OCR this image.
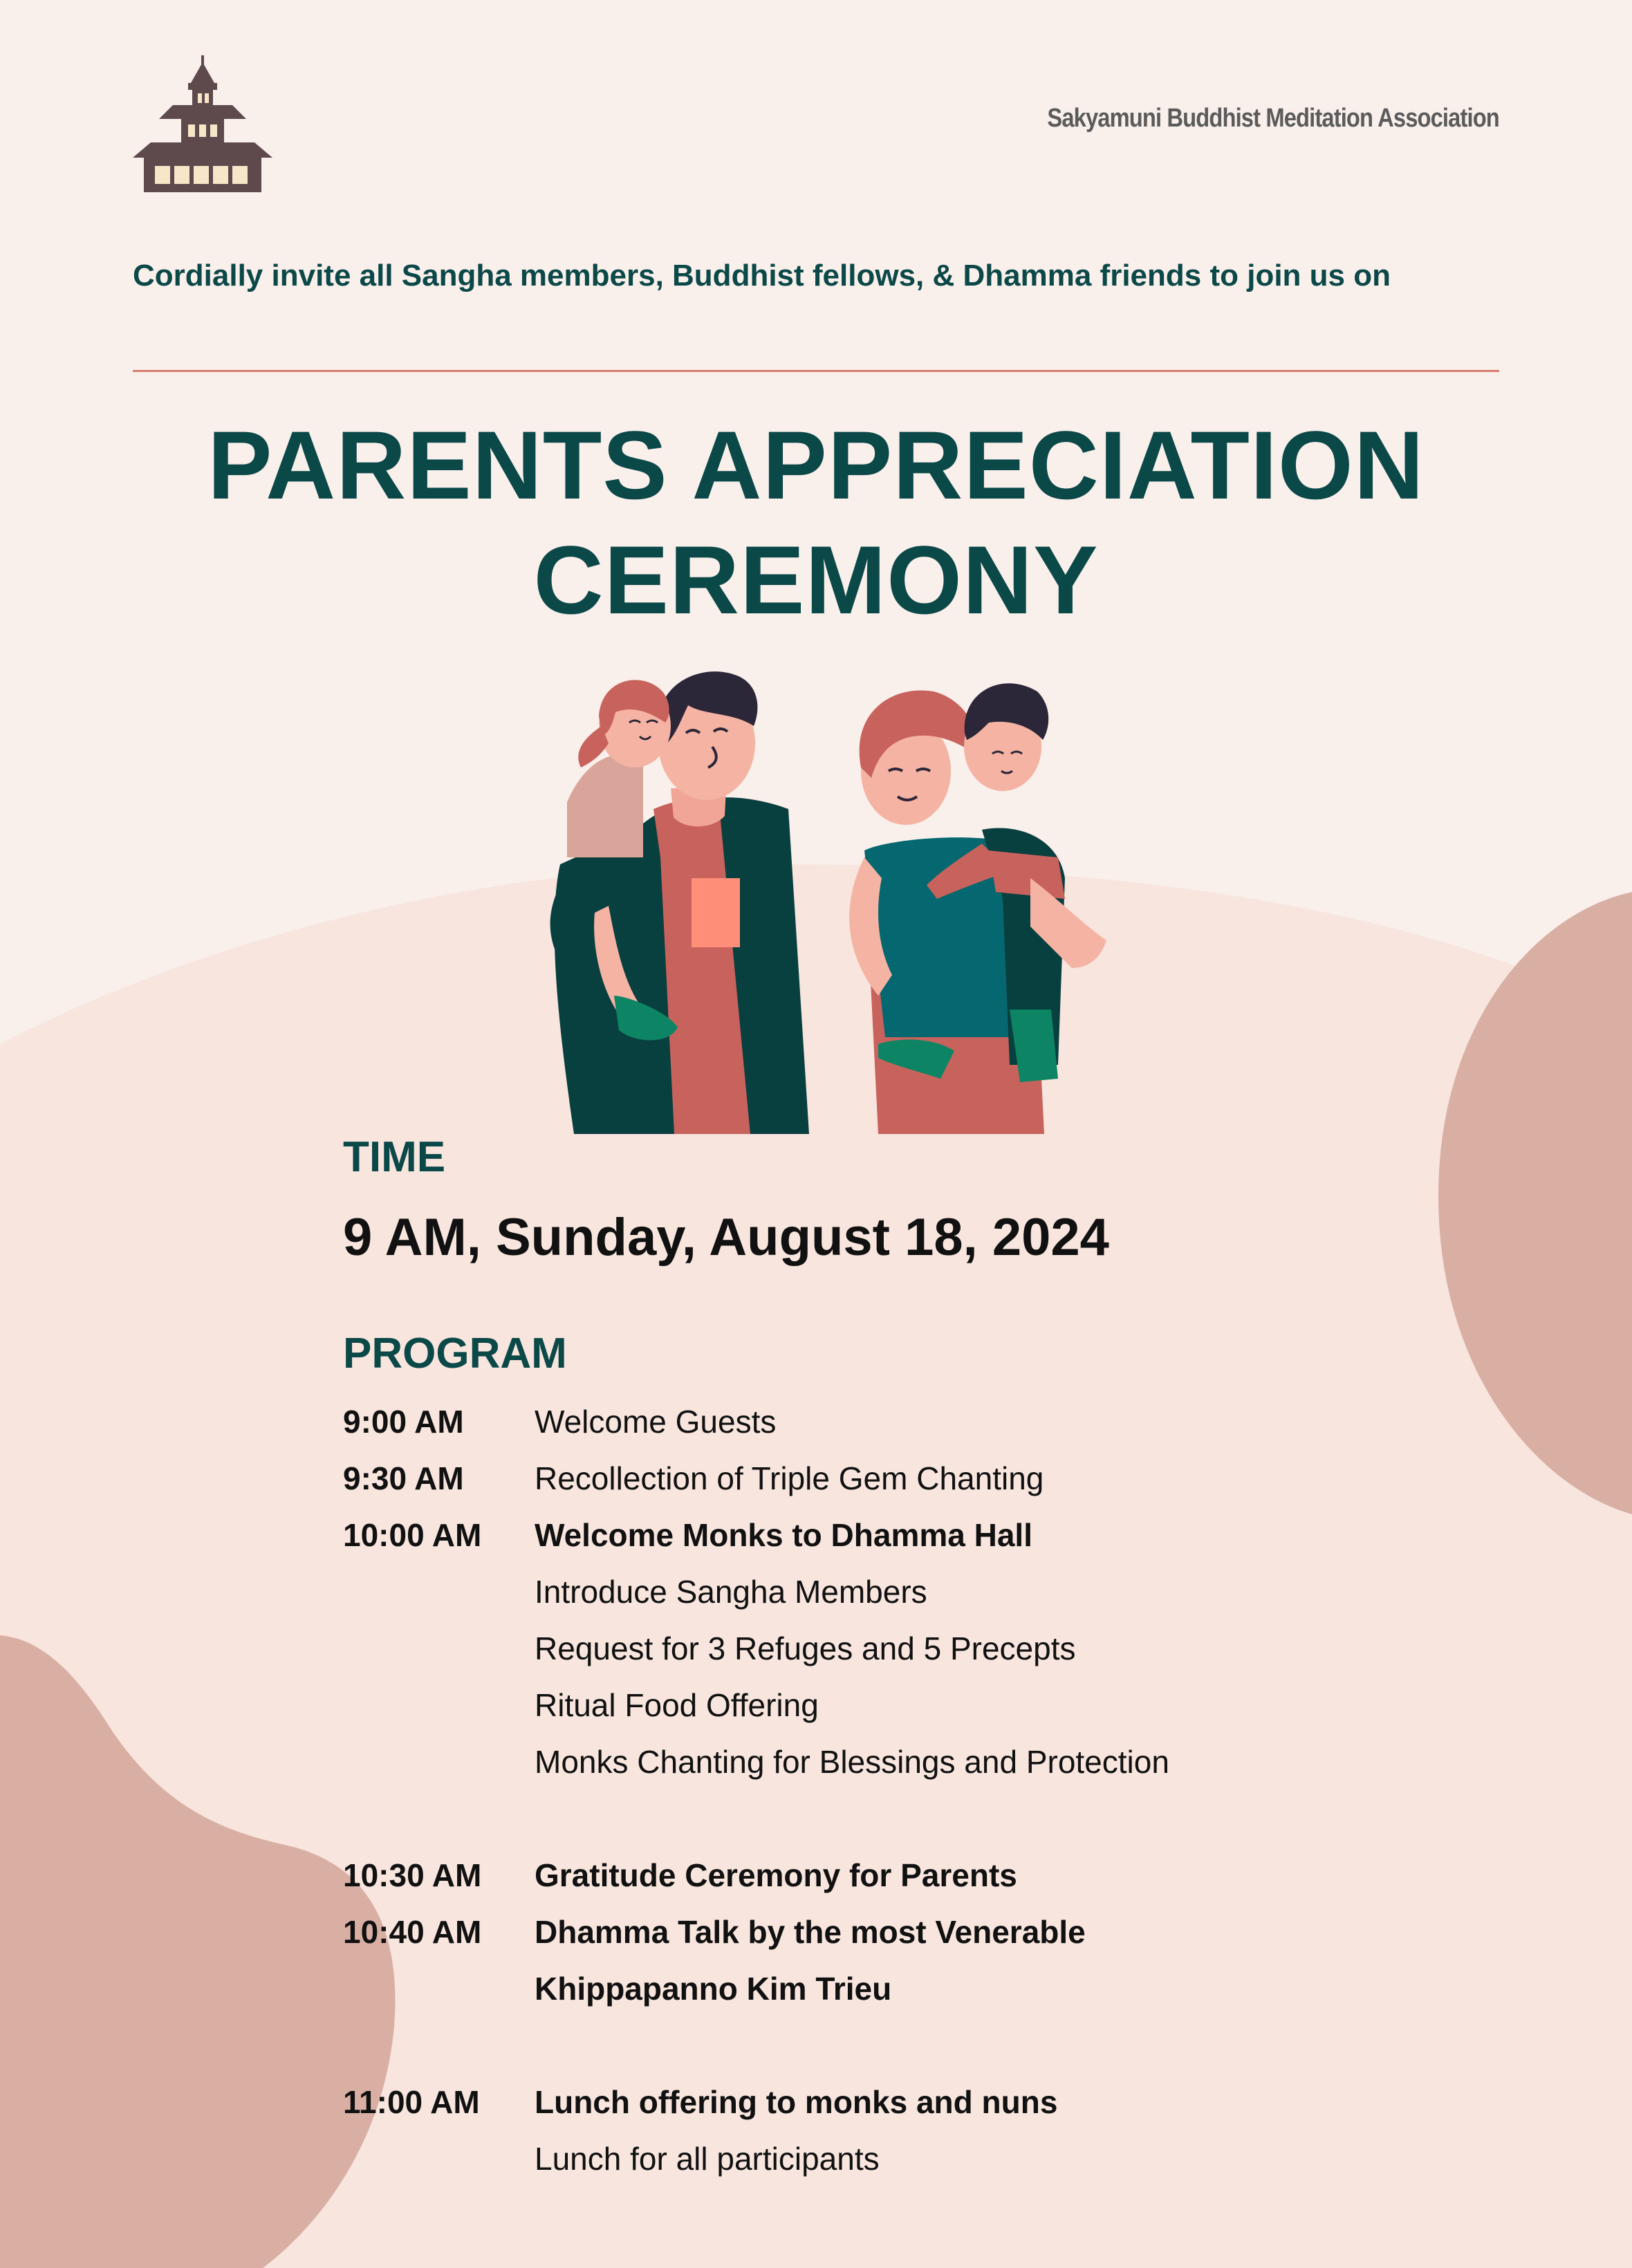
Sakyamuni Buddhist Meditation Association
Cordially invite all Sangha members, Buddhist fellows, & Dhamma friends to join us on
PARENTS APPRECIATION
CEREMONY
TIME
9 AM, Sunday, August 18, 2024
PROGRAM
9:00 AM Welcome Guests
9:30 AM Recollection of Triple Gem Chanting
10:00 AM Welcome Monks to Dhamma Hall
Introduce Sangha Members
Request for 3 Refuges and 5 Precepts
Ritual Food Offering
Monks Chanting for Blessings and Protection
10:30 AM Gratitude Ceremony for Parents
10:40 AM Dhamma Talk by the most Venerable
Khippapanno Kim Trieu
11:00 AM Lunch offering to monks and nuns
Lunch for all participants
